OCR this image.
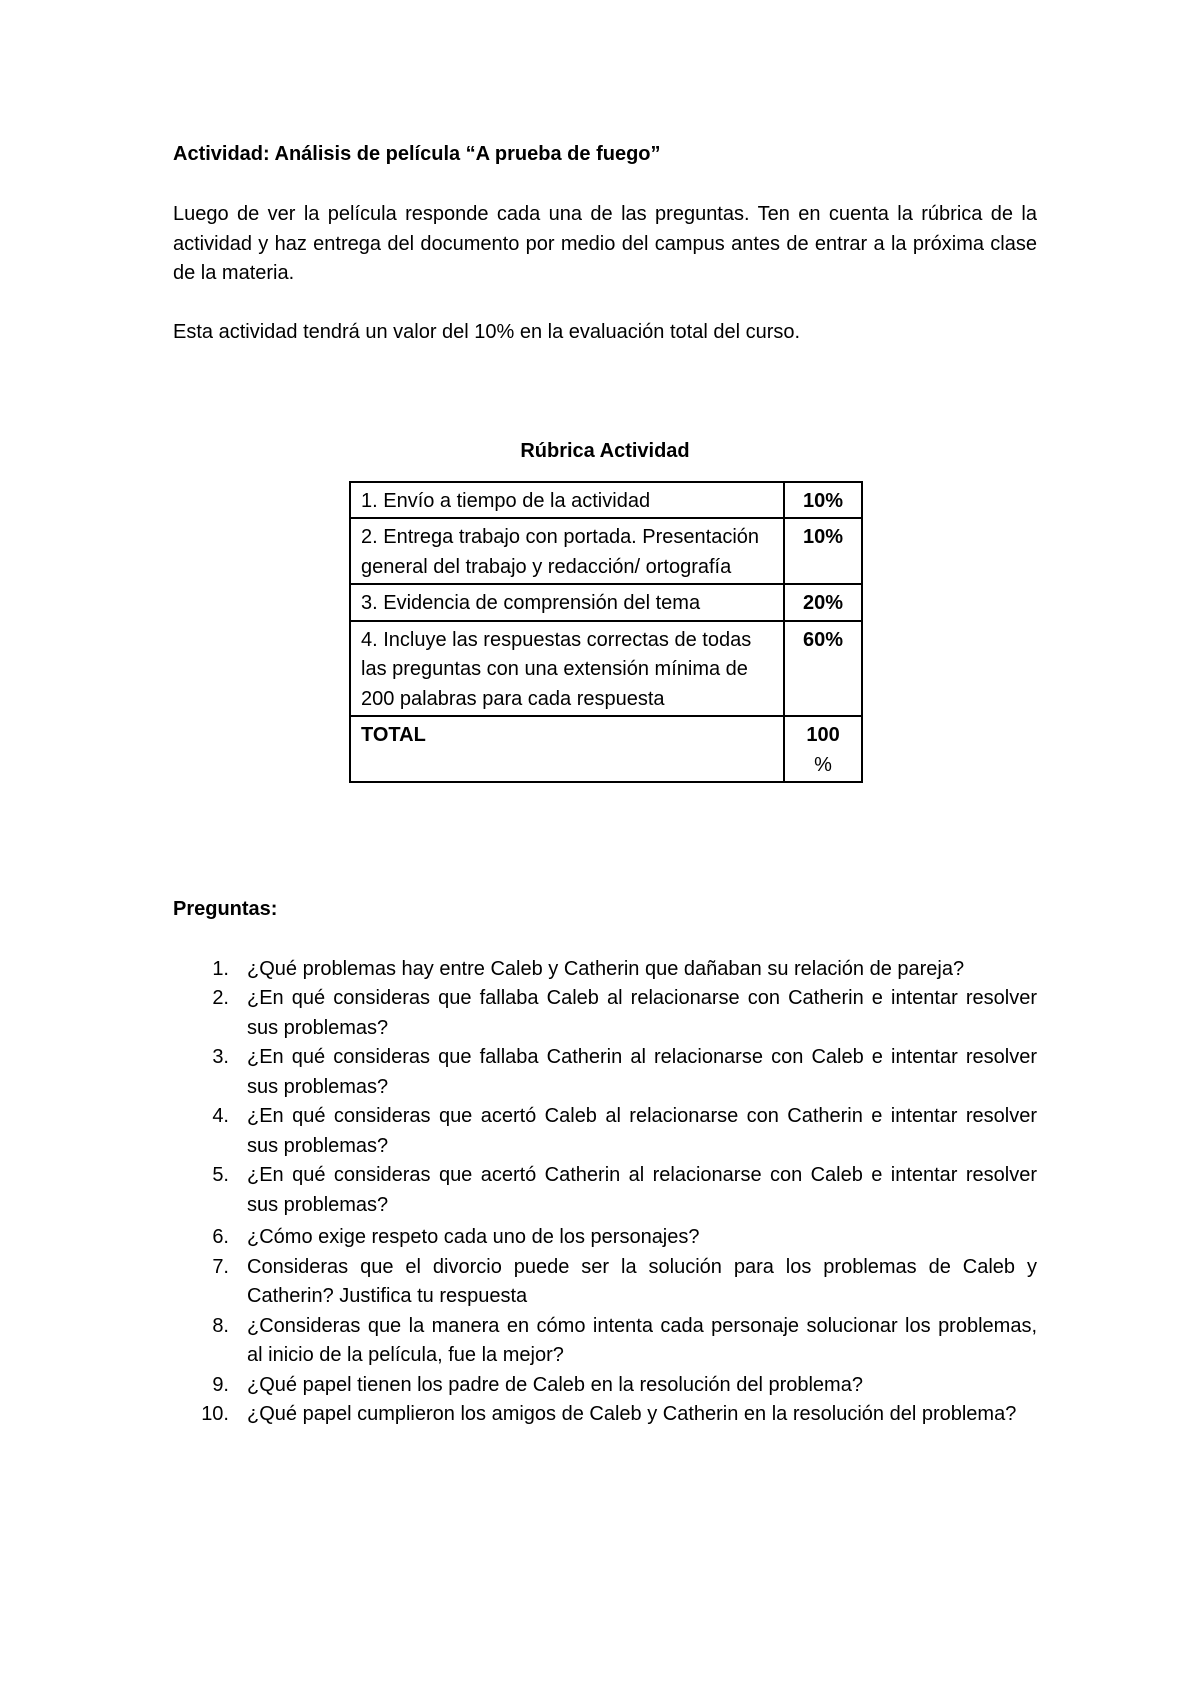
Actividad: Análisis de película “A prueba de fuego”

Luego de ver la película responde cada una de las preguntas. Ten en cuenta la rúbrica de la actividad y haz entrega del documento por medio del campus antes de entrar a la próxima clase de la materia.

Esta actividad tendrá un valor del 10% en la evaluación total del curso.

Rúbrica Actividad

1. Envío a tiempo de la actividad	10%
2. Entrega trabajo con portada. Presentación general del trabajo y redacción/ ortografía	10%
3. Evidencia de comprensión del tema	20%
4. Incluye las respuestas correctas de todas las preguntas con una extensión mínima de 200 palabras para cada respuesta	60%
TOTAL	100
%

Preguntas:

1. ¿Qué problemas hay entre Caleb y Catherin que dañaban su relación de pareja?
2. ¿En qué consideras que fallaba Caleb al relacionarse con Catherin e intentar resolver sus problemas?
3. ¿En qué consideras que fallaba Catherin al relacionarse con Caleb e intentar resolver sus problemas?
4. ¿En qué consideras que acertó Caleb al relacionarse con Catherin e intentar resolver sus problemas?
5. ¿En qué consideras que acertó Catherin al relacionarse con Caleb e intentar resolver sus problemas?
6. ¿Cómo exige respeto cada uno de los personajes?
7. Consideras que el divorcio puede ser la solución para los problemas de Caleb y Catherin? Justifica tu respuesta
8. ¿Consideras que la manera en cómo intenta cada personaje solucionar los problemas, al inicio de la película, fue la mejor?
9. ¿Qué papel tienen los padre de Caleb en la resolución del problema?
10. ¿Qué papel cumplieron los amigos de Caleb y Catherin en la resolución del problema?
